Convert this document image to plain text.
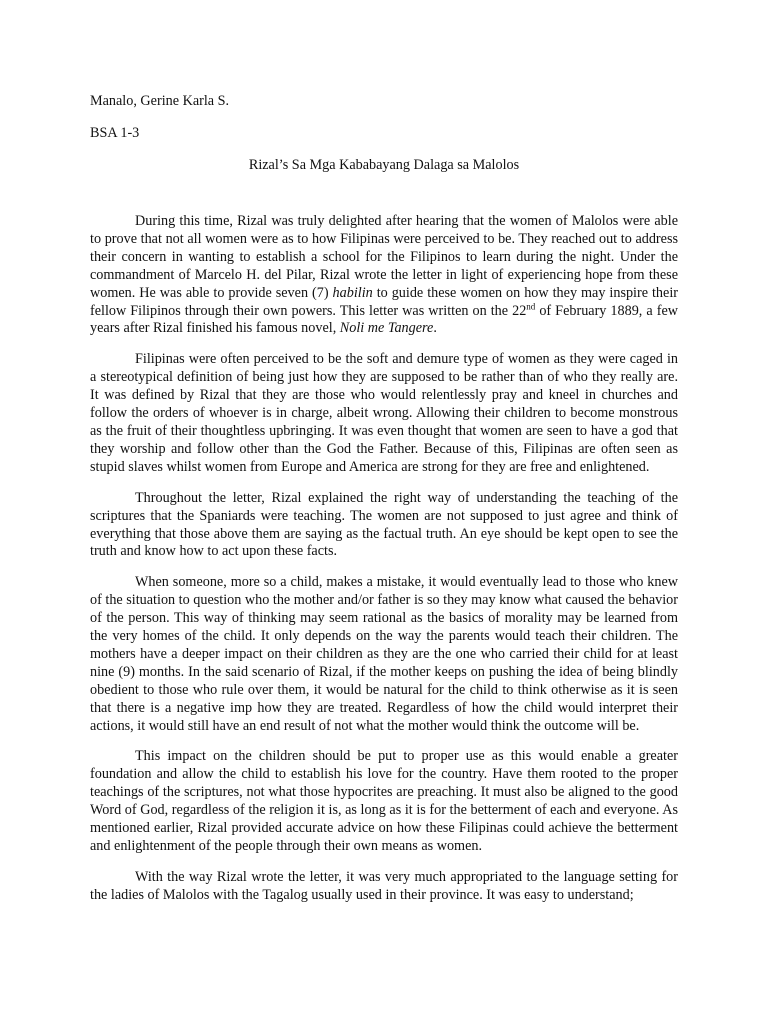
Manalo, Gerine Karla S.

BSA 1-3

Rizal’s Sa Mga Kababayang Dalaga sa Malolos

During this time, Rizal was truly delighted after hearing that the women of Malolos were able to prove that not all women were as to how Filipinas were perceived to be. They reached out to address their concern in wanting to establish a school for the Filipinos to learn during the night. Under the commandment of Marcelo H. del Pilar, Rizal wrote the letter in light of experiencing hope from these women. He was able to provide seven (7) habilin to guide these women on how they may inspire their fellow Filipinos through their own powers. This letter was written on the 22nd of February 1889, a few years after Rizal finished his famous novel, Noli me Tangere.

Filipinas were often perceived to be the soft and demure type of women as they were caged in a stereotypical definition of being just how they are supposed to be rather than of who they really are. It was defined by Rizal that they are those who would relentlessly pray and kneel in churches and follow the orders of whoever is in charge, albeit wrong. Allowing their children to become monstrous as the fruit of their thoughtless upbringing. It was even thought that women are seen to have a god that they worship and follow other than the God the Father. Because of this, Filipinas are often seen as stupid slaves whilst women from Europe and America are strong for they are free and enlightened.

Throughout the letter, Rizal explained the right way of understanding the teaching of the scriptures that the Spaniards were teaching. The women are not supposed to just agree and think of everything that those above them are saying as the factual truth. An eye should be kept open to see the truth and know how to act upon these facts.

When someone, more so a child, makes a mistake, it would eventually lead to those who knew of the situation to question who the mother and/or father is so they may know what caused the behavior of the person. This way of thinking may seem rational as the basics of morality may be learned from the very homes of the child. It only depends on the way the parents would teach their children. The mothers have a deeper impact on their children as they are the one who carried their child for at least nine (9) months. In the said scenario of Rizal, if the mother keeps on pushing the idea of being blindly obedient to those who rule over them, it would be natural for the child to think otherwise as it is seen that there is a negative imp how they are treated. Regardless of how the child would interpret their actions, it would still have an end result of not what the mother would think the outcome will be.

This impact on the children should be put to proper use as this would enable a greater foundation and allow the child to establish his love for the country. Have them rooted to the proper teachings of the scriptures, not what those hypocrites are preaching. It must also be aligned to the good Word of God, regardless of the religion it is, as long as it is for the betterment of each and everyone. As mentioned earlier, Rizal provided accurate advice on how these Filipinas could achieve the betterment and enlightenment of the people through their own means as women.

With the way Rizal wrote the letter, it was very much appropriated to the language setting for the ladies of Malolos with the Tagalog usually used in their province. It was easy to understand;
